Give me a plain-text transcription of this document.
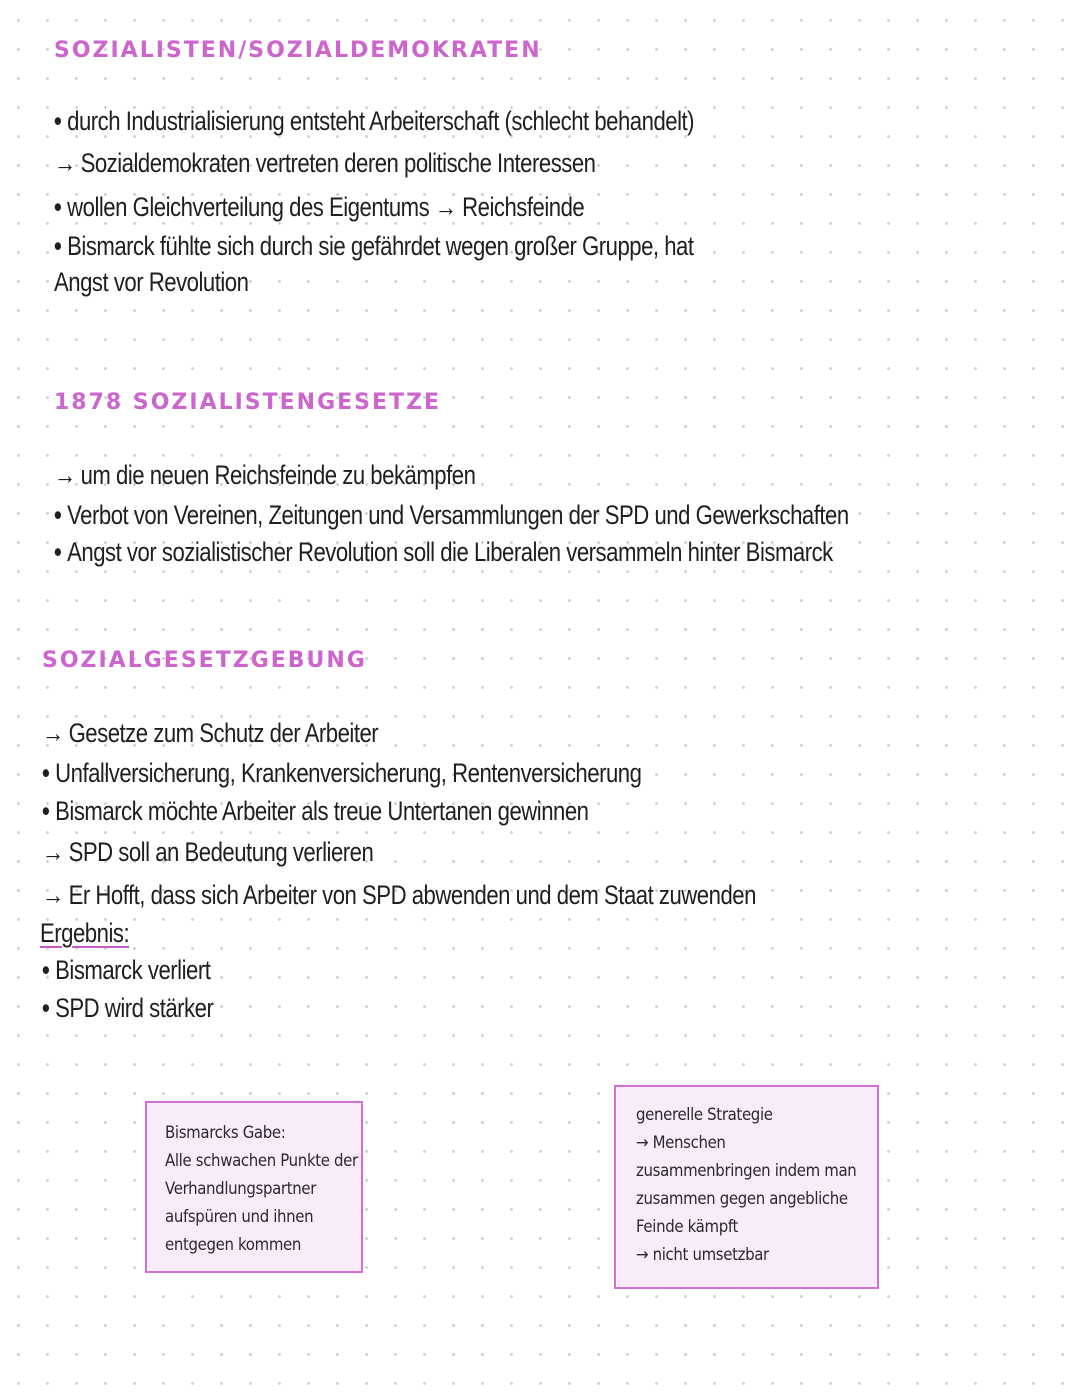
SOZIALISTEN/SOZIALDEMOKRATEN
• durch Industrialisierung entsteht Arbeiterschaft (schlecht behandelt)
→ Sozialdemokraten vertreten deren politische Interessen
• wollen Gleichverteilung des Eigentums → Reichsfeinde
• Bismarck fühlte sich durch sie gefährdet wegen großer Gruppe, hat
Angst vor Revolution
1878 SOZIALISTENGESETZE
→ um die neuen Reichsfeinde zu bekämpfen
• Verbot von Vereinen, Zeitungen und Versammlungen der SPD und Gewerkschaften
• Angst vor sozialistischer Revolution soll die Liberalen versammeln hinter Bismarck
SOZIALGESETZGEBUNG
→ Gesetze zum Schutz der Arbeiter
• Unfallversicherung, Krankenversicherung, Rentenversicherung
• Bismarck möchte Arbeiter als treue Untertanen gewinnen
→ SPD soll an Bedeutung verlieren
→ Er Hofft, dass sich Arbeiter von SPD abwenden und dem Staat zuwenden
Ergebnis:
• Bismarck verliert
• SPD wird stärker
Bismarcks Gabe:
Alle schwachen Punkte der
Verhandlungspartner
aufspüren und ihnen
entgegen kommen
generelle Strategie
→ Menschen
zusammenbringen indem man
zusammen gegen angebliche
Feinde kämpft
→ nicht umsetzbar
